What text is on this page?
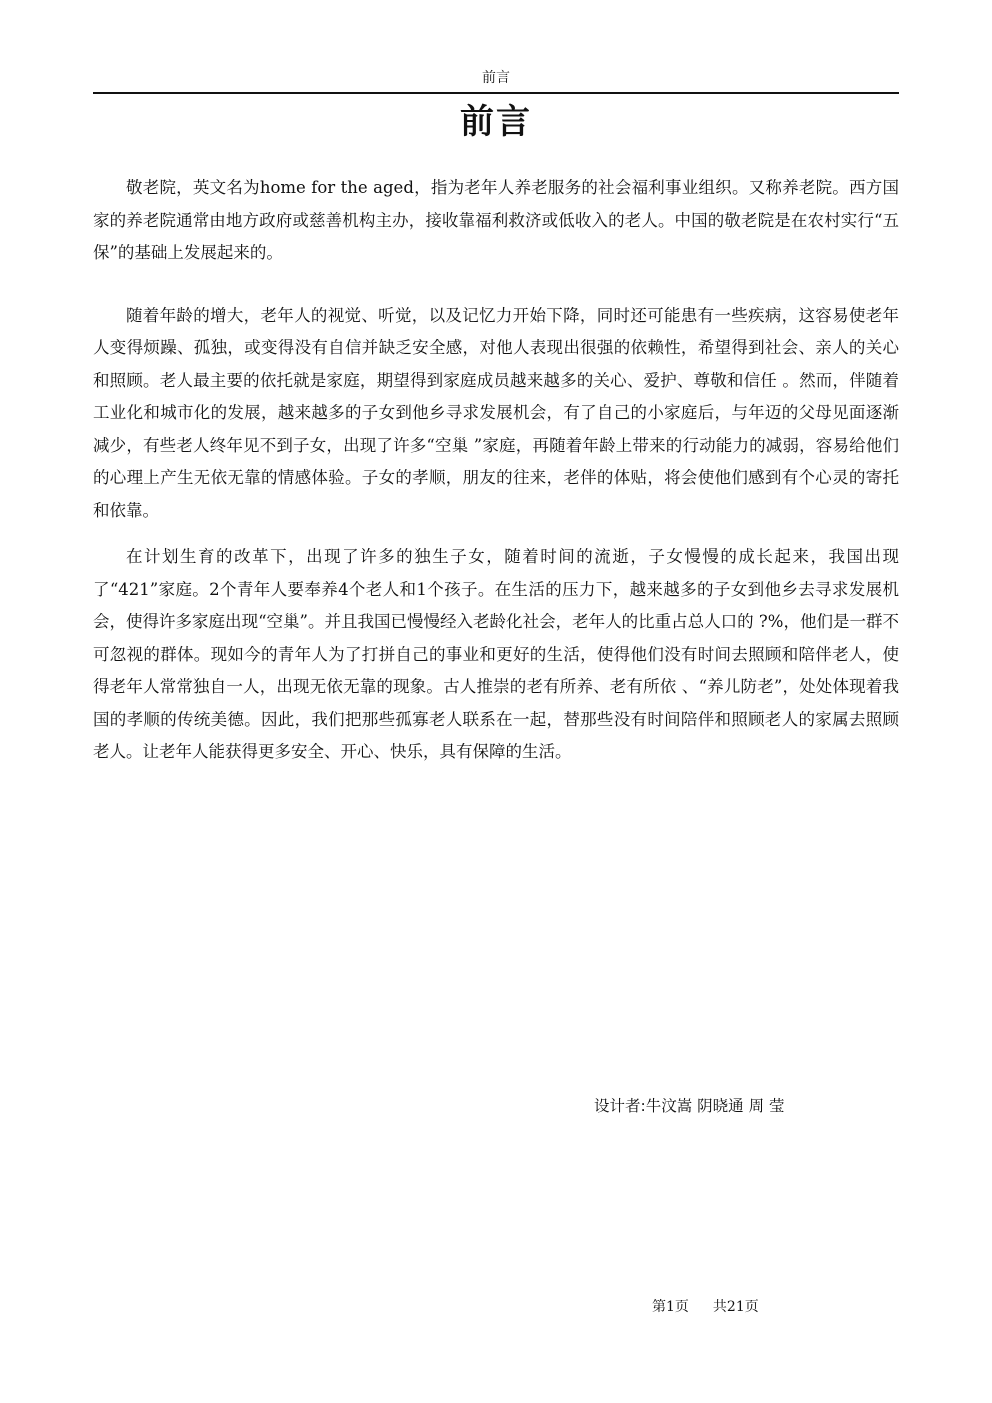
前言
前言

敬老院，英文名为home for the aged，指为老年人养老服务的社会福利事业组织。又称养老院。西方国家的养老院通常由地方政府或慈善机构主办，接收靠福利救济或低收入的老人。中国的敬老院是在农村实行“五保”的基础上发展起来的。

随着年龄的增大，老年人的视觉、听觉，以及记忆力开始下降，同时还可能患有一些疾病，这容易使老年人变得烦躁、孤独，或变得没有自信并缺乏安全感，对他人表现出很强的依赖性，希望得到社会、亲人的关心和照顾。老人最主要的依托就是家庭，期望得到家庭成员越来越多的关心、爱护、尊敬和信任 。然而，伴随着工业化和城市化的发展，越来越多的子女到他乡寻求发展机会，有了自己的小家庭后，与年迈的父母见面逐渐减少，有些老人终年见不到子女，出现了许多“空巢 ”家庭，再随着年龄上带来的行动能力的减弱，容易给他们的心理上产生无依无靠的情感体验。子女的孝顺，朋友的往来，老伴的体贴，将会使他们感到有个心灵的寄托和依靠。

在计划生育的改革下，出现了许多的独生子女，随着时间的流逝，子女慢慢的成长起来，我国出现了“421”家庭。2个青年人要奉养4个老人和1个孩子。在生活的压力下，越来越多的子女到他乡去寻求发展机会，使得许多家庭出现“空巢”。并且我国已慢慢经入老龄化社会，老年人的比重占总人口的 ?%，他们是一群不可忽视的群体。现如今的青年人为了打拼自己的事业和更好的生活，使得他们没有时间去照顾和陪伴老人，使得老年人常常独自一人，出现无依无靠的现象。古人推崇的老有所养、老有所依 、“养儿防老”，处处体现着我国的孝顺的传统美德。因此，我们把那些孤寡老人联系在一起，替那些没有时间陪伴和照顾老人的家属去照顾老人。让老年人能获得更多安全、开心、快乐，具有保障的生活。

设计者:牛汶嵩 阴晓通 周 莹
第1页 共21页
